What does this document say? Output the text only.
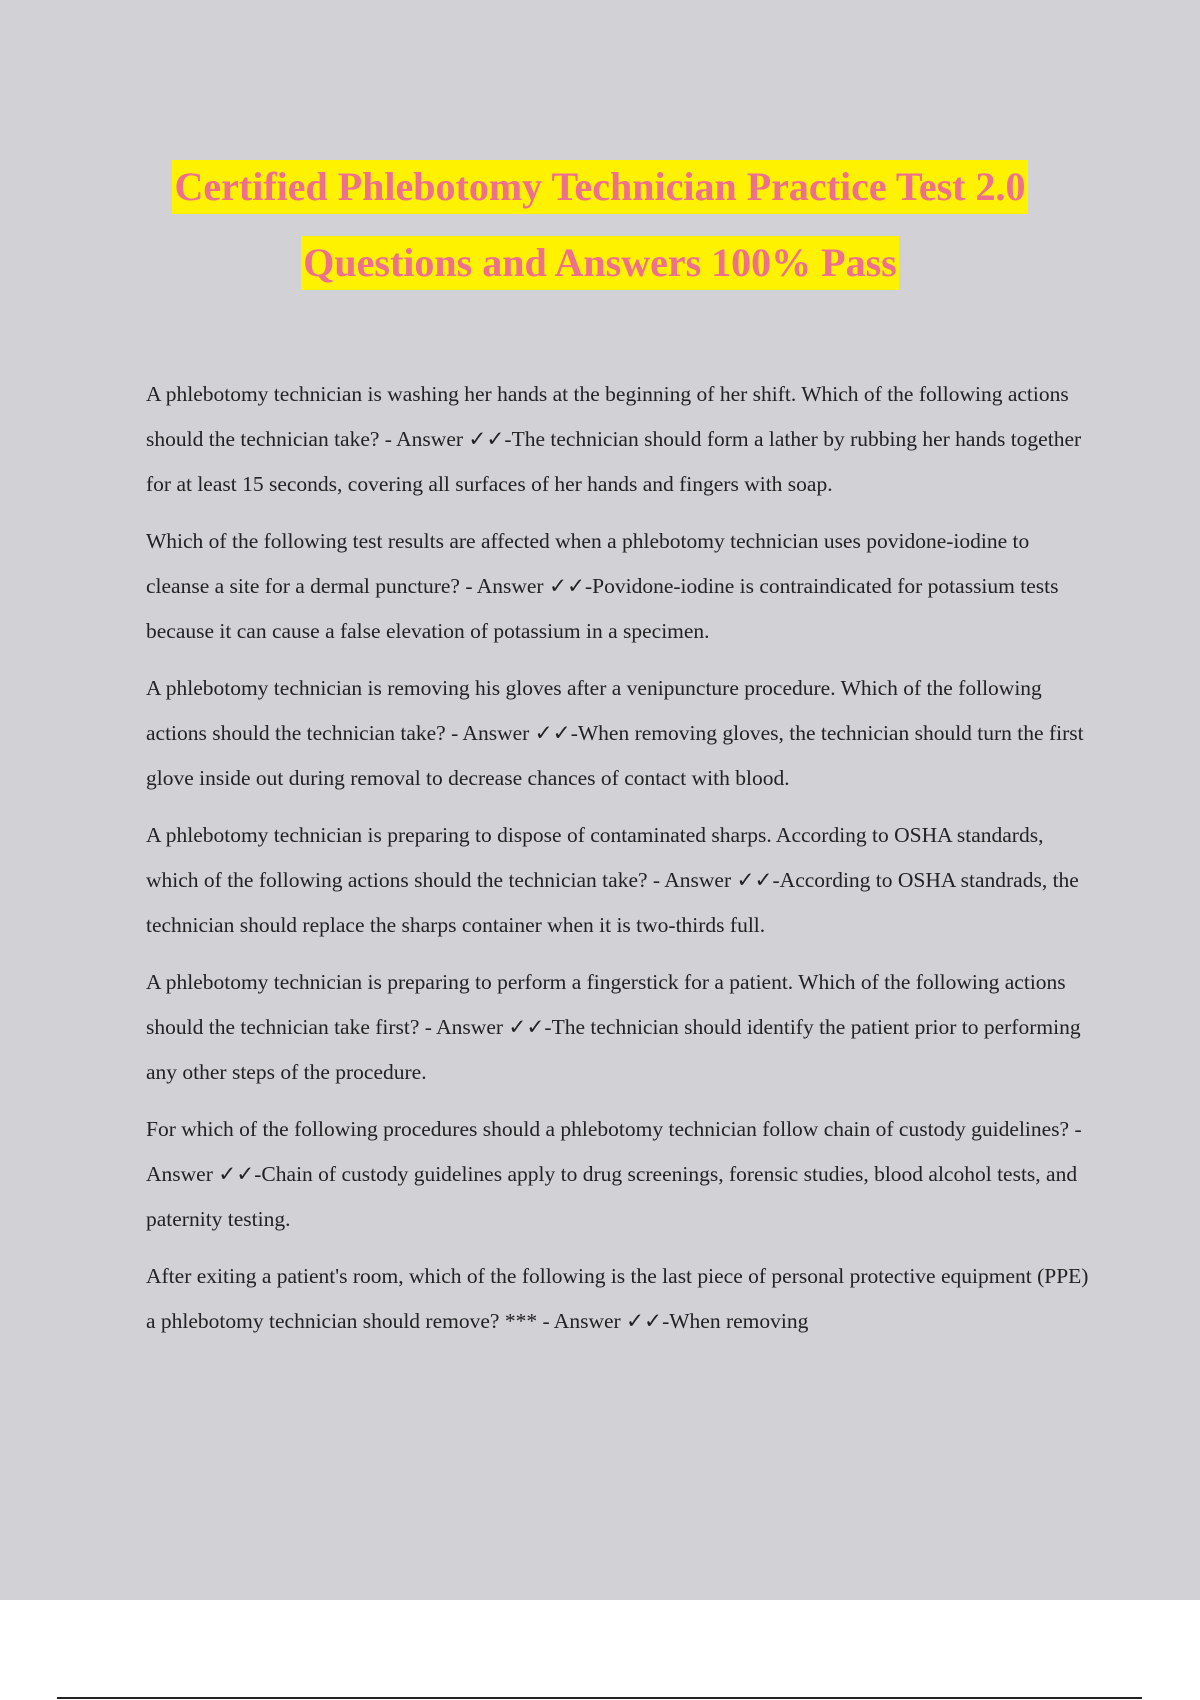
Certified Phlebotomy Technician Practice Test 2.0
Questions and Answers 100% Pass

A phlebotomy technician is washing her hands at the beginning of her shift. Which of the following actions should the technician take? - Answer ✓✓-The technician should form a lather by rubbing her hands together for at least 15 seconds, covering all surfaces of her hands and fingers with soap.

Which of the following test results are affected when a phlebotomy technician uses povidone-iodine to cleanse a site for a dermal puncture? - Answer ✓✓-Povidone-iodine is contraindicated for potassium tests because it can cause a false elevation of potassium in a specimen.

A phlebotomy technician is removing his gloves after a venipuncture procedure. Which of the following actions should the technician take? - Answer ✓✓-When removing gloves, the technician should turn the first glove inside out during removal to decrease chances of contact with blood.

A phlebotomy technician is preparing to dispose of contaminated sharps. According to OSHA standards, which of the following actions should the technician take? - Answer ✓✓-According to OSHA standrads, the technician should replace the sharps container when it is two-thirds full.

A phlebotomy technician is preparing to perform a fingerstick for a patient. Which of the following actions should the technician take first? - Answer ✓✓-The technician should identify the patient prior to performing any other steps of the procedure.

For which of the following procedures should a phlebotomy technician follow chain of custody guidelines? - Answer ✓✓-Chain of custody guidelines apply to drug screenings, forensic studies, blood alcohol tests, and paternity testing.

After exiting a patient's room, which of the following is the last piece of personal protective equipment (PPE) a phlebotomy technician should remove? *** - Answer ✓✓-When removing
